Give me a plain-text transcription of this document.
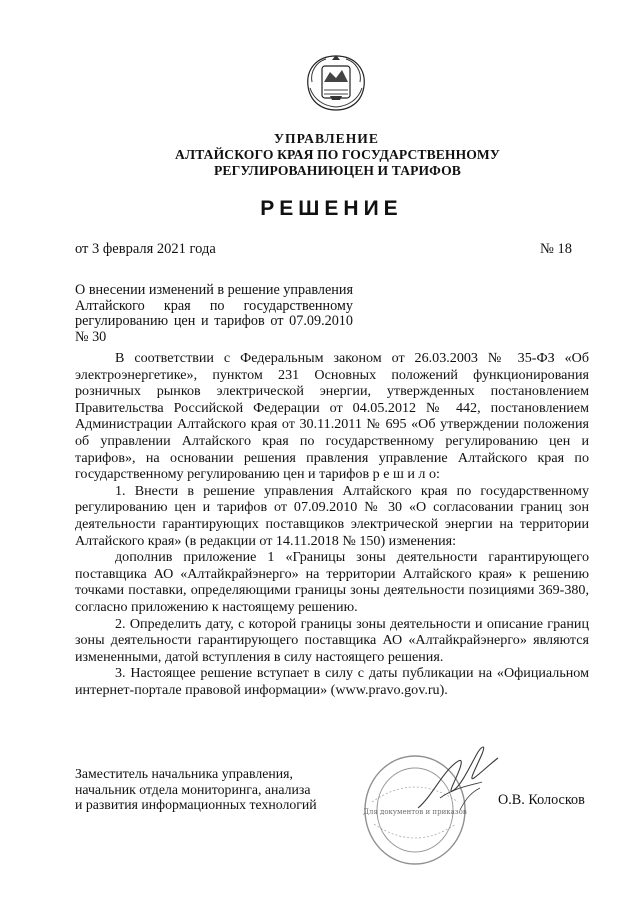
УПРАВЛЕНИЕ
АЛТАЙСКОГО КРАЯ ПО ГОСУДАРСТВЕННОМУ
РЕГУЛИРОВАНИЮЦЕН И ТАРИФОВ
РЕШЕНИЕ
от 3 февраля 2021 года	№ 18
О внесении изменений в решение управления Алтайского края по государственному регулированию цен и тарифов от 07.09.2010 № 30

В соответствии с Федеральным законом от 26.03.2003 № 35-ФЗ «Об электроэнергетике», пунктом 231 Основных положений функционирования розничных рынков электрической энергии, утвержденных постановлением Правительства Российской Федерации от 04.05.2012 № 442, постановлением Администрации Алтайского края от 30.11.2011 № 695 «Об утверждении положения об управлении Алтайского края по государственному регулированию цен и тарифов», на основании решения правления управление Алтайского края по государственному регулированию цен и тарифов р е ш и л о:

1. Внести в решение управления Алтайского края по государственному регулированию цен и тарифов от 07.09.2010 № 30 «О согласовании границ зон деятельности гарантирующих поставщиков электрической энергии на территории Алтайского края» (в редакции от 14.11.2018 № 150) изменения:

дополнив приложение 1 «Границы зоны деятельности гарантирующего поставщика АО «Алтайкрайэнерго» на территории Алтайского края» к решению точками поставки, определяющими границы зоны деятельности позициями 369-380, согласно приложению к настоящему решению.

2. Определить дату, с которой границы зоны деятельности и описание границ зоны деятельности гарантирующего поставщика АО «Алтайкрайэнерго» являются измененными, датой вступления в силу настоящего решения.

3. Настоящее решение вступает в силу с даты публикации на «Официальном интернет-портале правовой информации» (www.pravo.gov.ru).

Заместитель начальника управления,
начальник отдела мониторинга, анализа
и развития информационных технологий	Для документов и приказов
О.В. Колосков
